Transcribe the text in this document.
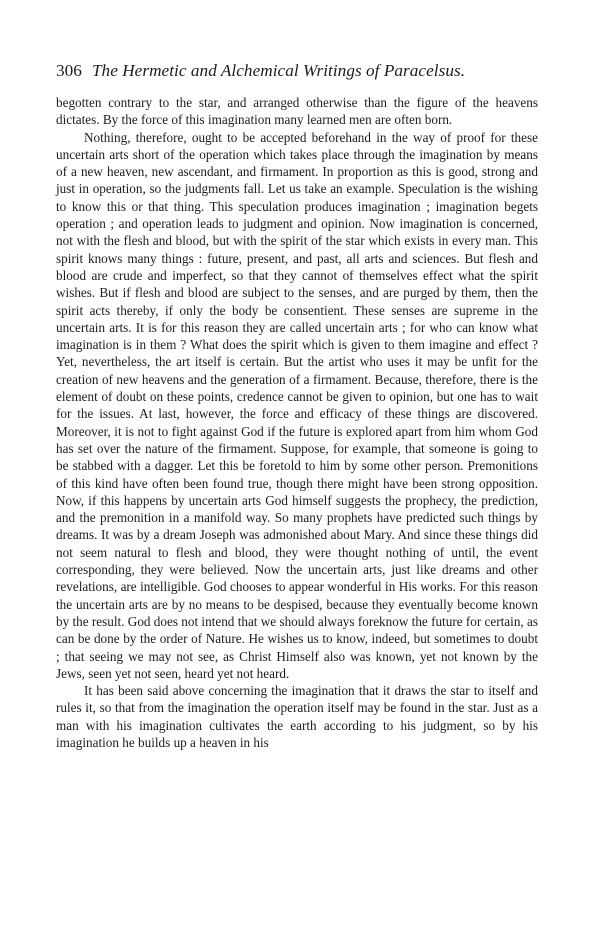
306 The Hermetic and Alchemical Writings of Paracelsus.

begotten contrary to the star, and arranged otherwise than the figure of the heavens dictates. By the force of this imagination many learned men are often born.

Nothing, therefore, ought to be accepted beforehand in the way of proof for these uncertain arts short of the operation which takes place through the imagination by means of a new heaven, new ascendant, and firmament. In proportion as this is good, strong and just in operation, so the judgments fall. Let us take an example. Speculation is the wishing to know this or that thing. This speculation produces imagination ; imagination begets operation ; and operation leads to judgment and opinion. Now imagination is concerned, not with the flesh and blood, but with the spirit of the star which exists in every man. This spirit knows many things : future, present, and past, all arts and sciences. But flesh and blood are crude and imperfect, so that they cannot of themselves effect what the spirit wishes. But if flesh and blood are subject to the senses, and are purged by them, then the spirit acts thereby, if only the body be consentient. These senses are supreme in the uncertain arts. It is for this reason they are called uncertain arts ; for who can know what imagination is in them ? What does the spirit which is given to them imagine and effect ? Yet, nevertheless, the art itself is certain. But the artist who uses it may be unfit for the creation of new heavens and the generation of a firmament. Because, therefore, there is the element of doubt on these points, credence cannot be given to opinion, but one has to wait for the issues. At last, however, the force and efficacy of these things are discovered. Moreover, it is not to fight against God if the future is explored apart from him whom God has set over the nature of the firmament. Suppose, for example, that someone is going to be stabbed with a dagger. Let this be foretold to him by some other person. Premonitions of this kind have often been found true, though there might have been strong opposition. Now, if this happens by uncertain arts God himself suggests the prophecy, the prediction, and the premonition in a manifold way. So many prophets have predicted such things by dreams. It was by a dream Joseph was admonished about Mary. And since these things did not seem natural to flesh and blood, they were thought nothing of until, the event corresponding, they were believed. Now the uncertain arts, just like dreams and other revelations, are intelligible. God chooses to appear wonderful in His works. For this reason the uncertain arts are by no means to be despised, because they eventually become known by the result. God does not intend that we should always foreknow the future for certain, as can be done by the order of Nature. He wishes us to know, indeed, but sometimes to doubt ; that seeing we may not see, as Christ Himself also was known, yet not known by the Jews, seen yet not seen, heard yet not heard.

It has been said above concerning the imagination that it draws the star to itself and rules it, so that from the imagination the operation itself may be found in the star. Just as a man with his imagination cultivates the earth according to his judgment, so by his imagination he builds up a heaven in his
